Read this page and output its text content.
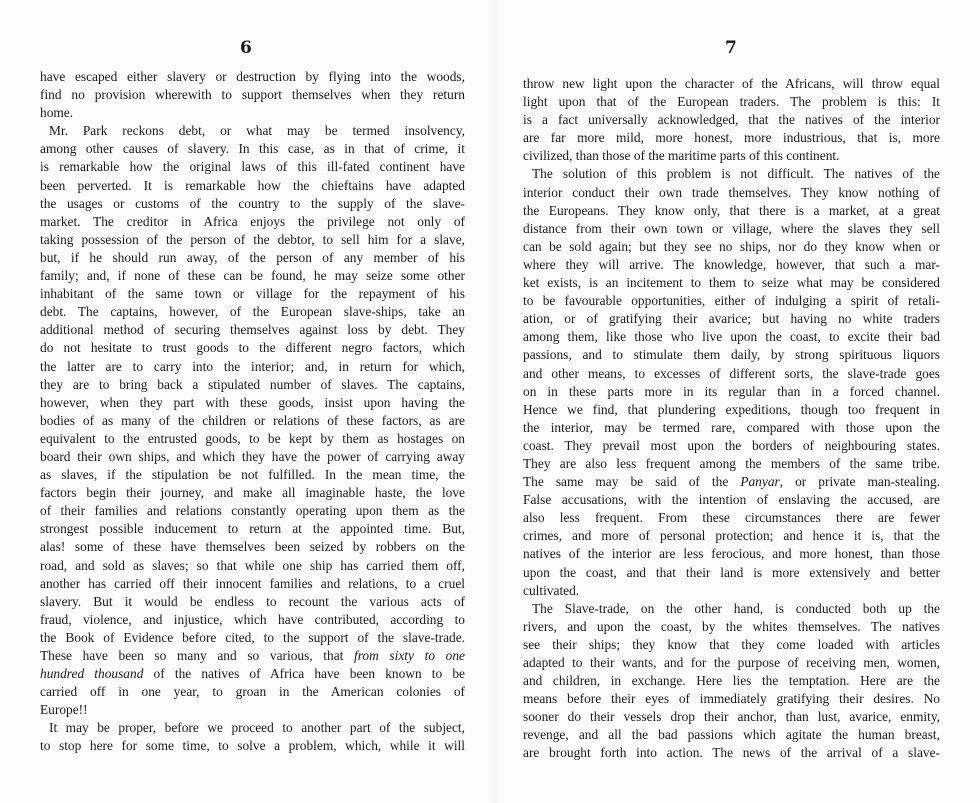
6
have escaped either slavery or destruction by flying into the woods,
find no provision wherewith to support themselves when they return
home.
Mr. Park reckons debt, or what may be termed insolvency,
among other causes of slavery. In this case, as in that of crime, it
is remarkable how the original laws of this ill-fated continent have
been perverted. It is remarkable how the chieftains have adapted
the usages or customs of the country to the supply of the slave-
market. The creditor in Africa enjoys the privilege not only of
taking possession of the person of the debtor, to sell him for a slave,
but, if he should run away, of the person of any member of his
family; and, if none of these can be found, he may seize some other
inhabitant of the same town or village for the repayment of his
debt. The captains, however, of the European slave-ships, take an
additional method of securing themselves against loss by debt. They
do not hesitate to trust goods to the different negro factors, which
the latter are to carry into the interior; and, in return for which,
they are to bring back a stipulated number of slaves. The captains,
however, when they part with these goods, insist upon having the
bodies of as many of the children or relations of these factors, as are
equivalent to the entrusted goods, to be kept by them as hostages on
board their own ships, and which they have the power of carrying away
as slaves, if the stipulation be not fulfilled. In the mean time, the
factors begin their journey, and make all imaginable haste, the love
of their families and relations constantly operating upon them as the
strongest possible inducement to return at the appointed time. But,
alas! some of these have themselves been seized by robbers on the
road, and sold as slaves; so that while one ship has carried them off,
another has carried off their innocent families and relations, to a cruel
slavery. But it would be endless to recount the various acts of
fraud, violence, and injustice, which have contributed, according to
the Book of Evidence before cited, to the support of the slave-trade.
These have been so many and so various, that from sixty to one
hundred thousand of the natives of Africa have been known to be
carried off in one year, to groan in the American colonies of
Europe!!
It may be proper, before we proceed to another part of the subject,
to stop here for some time, to solve a problem, which, while it will
7
throw new light upon the character of the Africans, will throw equal
light upon that of the European traders. The problem is this: It
is a fact universally acknowledged, that the natives of the interior
are far more mild, more honest, more industrious, that is, more
civilized, than those of the maritime parts of this continent.
The solution of this problem is not difficult. The natives of the
interior conduct their own trade themselves. They know nothing of
the Europeans. They know only, that there is a market, at a great
distance from their own town or village, where the slaves they sell
can be sold again; but they see no ships, nor do they know when or
where they will arrive. The knowledge, however, that such a mar-
ket exists, is an incitement to them to seize what may be considered
to be favourable opportunities, either of indulging a spirit of retali-
ation, or of gratifying their avarice; but having no white traders
among them, like those who live upon the coast, to excite their bad
passions, and to stimulate them daily, by strong spirituous liquors
and other means, to excesses of different sorts, the slave-trade goes
on in these parts more in its regular than in a forced channel.
Hence we find, that plundering expeditions, though too frequent in
the interior, may be termed rare, compared with those upon the
coast. They prevail most upon the borders of neighbouring states.
They are also less frequent among the members of the same tribe.
The same may be said of the Panyar, or private man-stealing.
False accusations, with the intention of enslaving the accused, are
also less frequent. From these circumstances there are fewer
crimes, and more of personal protection; and hence it is, that the
natives of the interior are less ferocious, and more honest, than those
upon the coast, and that their land is more extensively and better
cultivated.
The Slave-trade, on the other hand, is conducted both up the
rivers, and upon the coast, by the whites themselves. The natives
see their ships; they know that they come loaded with articles
adapted to their wants, and for the purpose of receiving men, women,
and children, in exchange. Here lies the temptation. Here are the
means before their eyes of immediately gratifying their desires. No
sooner do their vessels drop their anchor, than lust, avarice, enmity,
revenge, and all the bad passions which agitate the human breast,
are brought forth into action. The news of the arrival of a slave-
